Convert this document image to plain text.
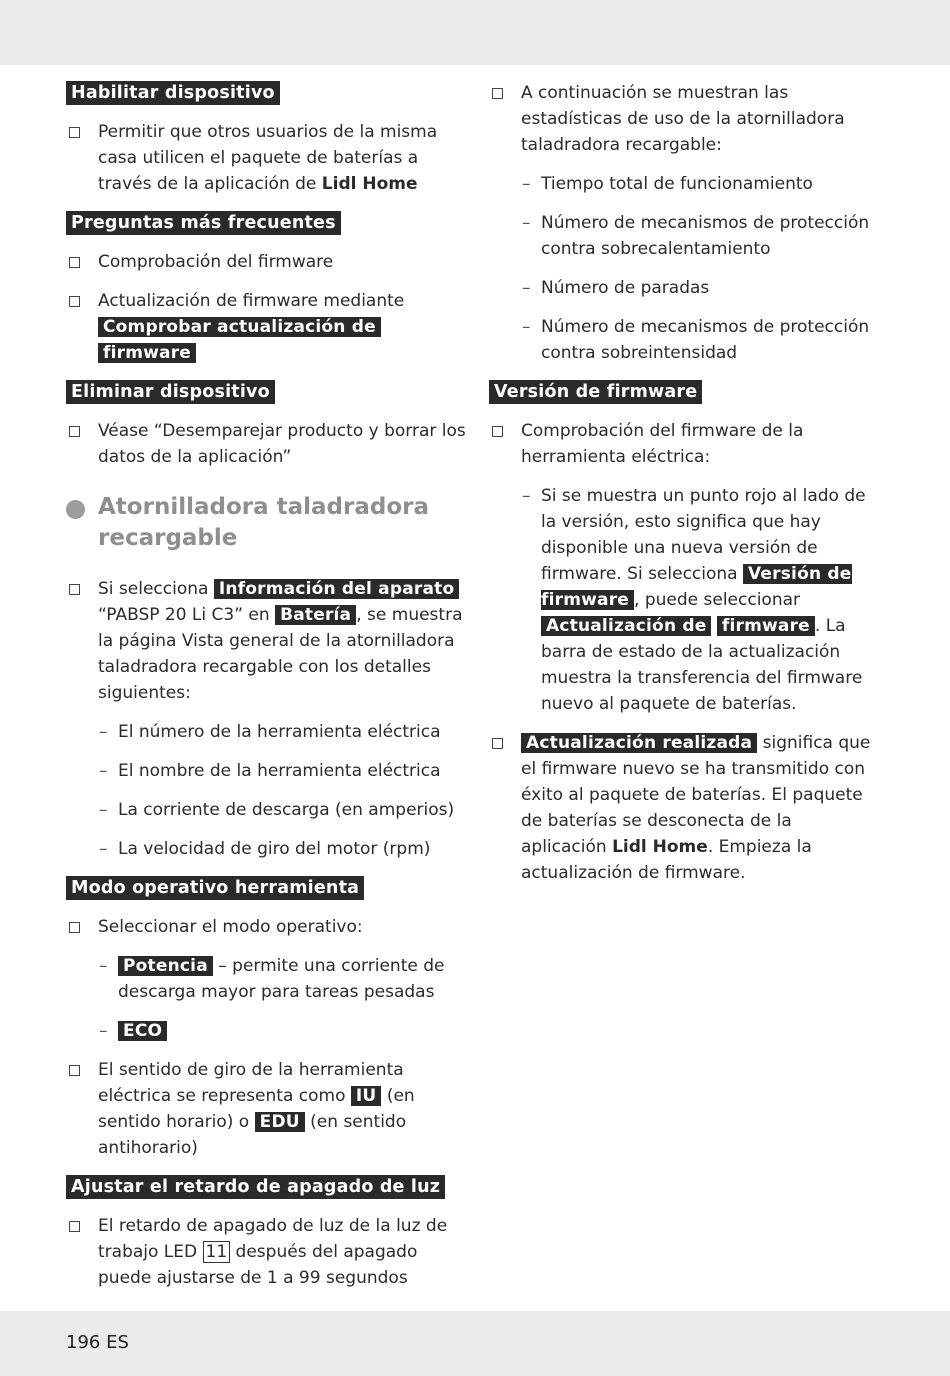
Habilitar dispositivo
Permitir que otros usuarios de la misma casa utilicen el paquete de baterías a través de la aplicación de Lidl Home
Preguntas más frecuentes
Comprobación del firmware
Actualización de firmware mediante
Comprobar actualización de
firmware
Eliminar dispositivo
Véase “Desemparejar producto y borrar los datos de la aplicación”
Atornilladora taladradora recargable
Si selecciona Información del aparato
“PABSP 20 Li C3” en Batería , se muestra la página Vista general de la atornilladora taladradora recargable con los detalles siguientes:
– El número de la herramienta eléctrica
– El nombre de la herramienta eléctrica
– La corriente de descarga (en amperios)
– La velocidad de giro del motor (rpm)
Modo operativo herramienta
Seleccionar el modo operativo:
– Potencia – permite una corriente de descarga mayor para tareas pesadas
– ECO
El sentido de giro de la herramienta eléctrica se representa como IU (en sentido horario) o EDU (en sentido antihorario)
Ajustar el retardo de apagado de luz
El retardo de apagado de luz de la luz de trabajo LED 11 después del apagado puede ajustarse de 1 a 99 segundos
A continuación se muestran las estadísticas de uso de la atornilladora taladradora recargable:
– Tiempo total de funcionamiento
– Número de mecanismos de protección contra sobrecalentamiento
– Número de paradas
– Número de mecanismos de protección contra sobreintensidad
Versión de firmware
Comprobación del firmware de la herramienta eléctrica:
– Si se muestra un punto rojo al lado de la versión, esto significa que hay disponible una nueva versión de firmware. Si selecciona Versión de firmware , puede seleccionar Actualización de firmware . La barra de estado de la actualización muestra la transferencia del firmware nuevo al paquete de baterías.
Actualización realizada significa que el firmware nuevo se ha transmitido con éxito al paquete de baterías. El paquete de baterías se desconecta de la aplicación Lidl Home. Empieza la actualización de firmware.
196 ES
